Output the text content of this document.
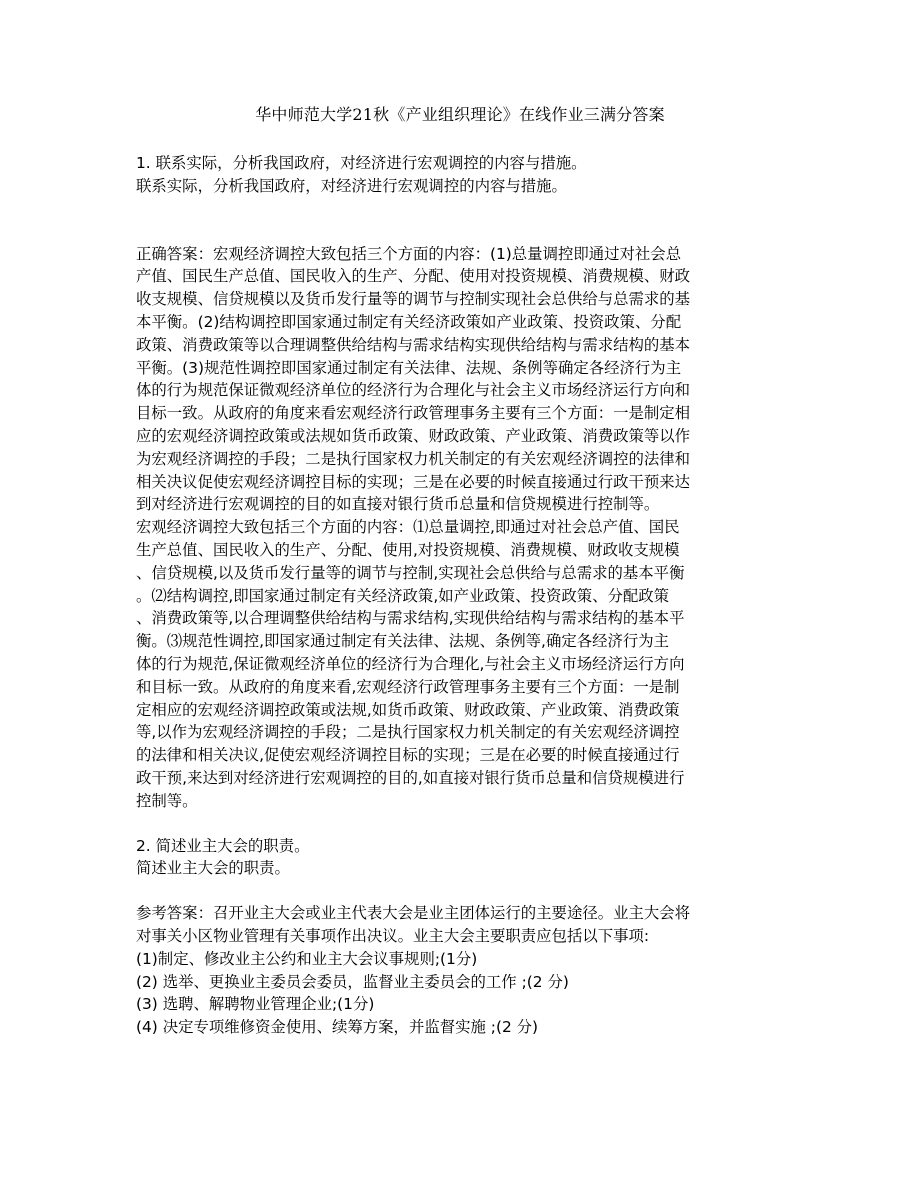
华中师范大学21秋《产业组织理论》在线作业三满分答案
1. 联系实际，分析我国政府，对经济进行宏观调控的内容与措施。
联系实际，分析我国政府，对经济进行宏观调控的内容与措施。
正确答案：宏观经济调控大致包括三个方面的内容：(1)总量调控即通过对社会总
产值、国民生产总值、国民收入的生产、分配、使用对投资规模、消费规模、财政
收支规模、信贷规模以及货币发行量等的调节与控制实现社会总供给与总需求的基
本平衡。(2)结构调控即国家通过制定有关经济政策如产业政策、投资政策、分配
政策、消费政策等以合理调整供给结构与需求结构实现供给结构与需求结构的基本
平衡。(3)规范性调控即国家通过制定有关法律、法规、条例等确定各经济行为主
体的行为规范保证微观经济单位的经济行为合理化与社会主义市场经济运行方向和
目标一致。从政府的角度来看宏观经济行政管理事务主要有三个方面：一是制定相
应的宏观经济调控政策或法规如货币政策、财政政策、产业政策、消费政策等以作
为宏观经济调控的手段；二是执行国家权力机关制定的有关宏观经济调控的法律和
相关决议促使宏观经济调控目标的实现；三是在必要的时候直接通过行政干预来达
到对经济进行宏观调控的目的如直接对银行货币总量和信贷规模进行控制等。
宏观经济调控大致包括三个方面的内容：⑴总量调控,即通过对社会总产值、国民
生产总值、国民收入的生产、分配、使用,对投资规模、消费规模、财政收支规模
、信贷规模,以及货币发行量等的调节与控制,实现社会总供给与总需求的基本平衡
。⑵结构调控,即国家通过制定有关经济政策,如产业政策、投资政策、分配政策
、消费政策等,以合理调整供给结构与需求结构,实现供给结构与需求结构的基本平
衡。⑶规范性调控,即国家通过制定有关法律、法规、条例等,确定各经济行为主
体的行为规范,保证微观经济单位的经济行为合理化,与社会主义市场经济运行方向
和目标一致。从政府的角度来看,宏观经济行政管理事务主要有三个方面：一是制
定相应的宏观经济调控政策或法规,如货币政策、财政政策、产业政策、消费政策
等,以作为宏观经济调控的手段；二是执行国家权力机关制定的有关宏观经济调控
的法律和相关决议,促使宏观经济调控目标的实现；三是在必要的时候直接通过行
政干预,来达到对经济进行宏观调控的目的,如直接对银行货币总量和信贷规模进行
控制等。
2. 简述业主大会的职责。
简述业主大会的职责。
参考答案：召开业主大会或业主代表大会是业主团体运行的主要途径。业主大会将
对事关小区物业管理有关事项作出决议。业主大会主要职责应包括以下事项:
(1)制定、修改业主公约和业主大会议事规则;(1分)
(2) 选举、更换业主委员会委员，监督业主委员会的工作 ;(2 分)
(3) 选聘、解聘物业管理企业;(1分)
(4) 决定专项维修资金使用、续筹方案，并监督实施 ;(2 分)
